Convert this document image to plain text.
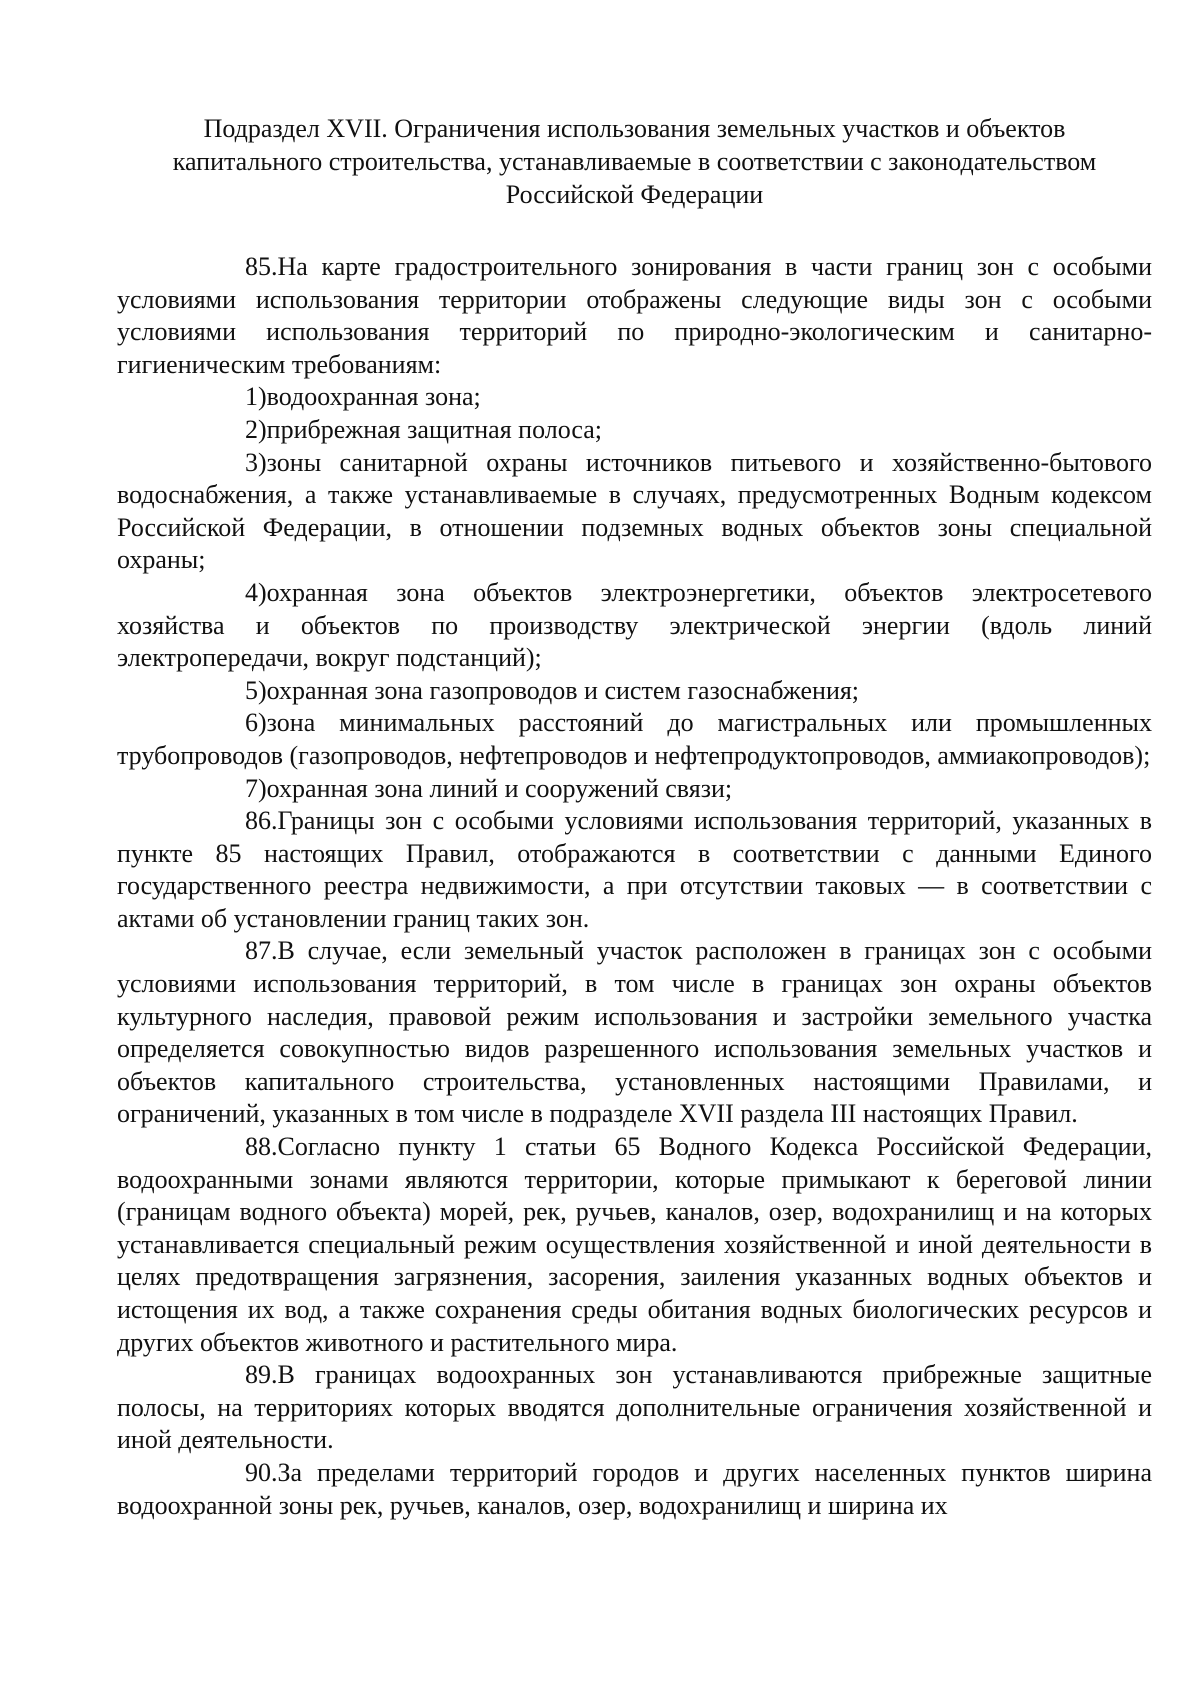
Подраздел XVII. Ограничения использования земельных участков и объектов
капитального строительства, устанавливаемые в соответствии с законодательством
Российской Федерации

85.На карте градостроительного зонирования в части границ зон с особыми условиями использования территории отображены следующие виды зон с особыми условиями использования территорий по природно-экологическим и санитарно-гигиеническим требованиям:

1)водоохранная зона;

2)прибрежная защитная полоса;

3)зоны санитарной охраны источников питьевого и хозяйственно-бытового водоснабжения, а также устанавливаемые в случаях, предусмотренных Водным кодексом Российской Федерации, в отношении подземных водных объектов зоны специальной охраны;

4)охранная зона объектов электроэнергетики, объектов электросетевого хозяйства и объектов по производству электрической энергии (вдоль линий электропередачи, вокруг подстанций);

5)охранная зона газопроводов и систем газоснабжения;

6)зона минимальных расстояний до магистральных или промышленных трубопроводов (газопроводов, нефтепроводов и нефтепродуктопроводов, аммиакопроводов);

7)охранная зона линий и сооружений связи;

86.Границы зон с особыми условиями использования территорий, указанных в пункте 85 настоящих Правил, отображаются в соответствии с данными Единого государственного реестра недвижимости, а при отсутствии таковых — в соответствии с актами об установлении границ таких зон.

87.В случае, если земельный участок расположен в границах зон с особыми условиями использования территорий, в том числе в границах зон охраны объектов культурного наследия, правовой режим использования и застройки земельного участка определяется совокупностью видов разрешенного использования земельных участков и объектов капитального строительства, установленных настоящими Правилами, и ограничений, указанных в том числе в подразделе XVII раздела III настоящих Правил.

88.Согласно пункту 1 статьи 65 Водного Кодекса Российской Федерации, водоохранными зонами являются территории, которые примыкают к береговой линии (границам водного объекта) морей, рек, ручьев, каналов, озер, водохранилищ и на которых устанавливается специальный режим осуществления хозяйственной и иной деятельности в целях предотвращения загрязнения, засорения, заиления указанных водных объектов и истощения их вод, а также сохранения среды обитания водных биологических ресурсов и других объектов животного и растительного мира.

89.В границах водоохранных зон устанавливаются прибрежные защитные полосы, на территориях которых вводятся дополнительные ограничения хозяйственной и иной деятельности.

90.За пределами территорий городов и других населенных пунктов ширина водоохранной зоны рек, ручьев, каналов, озер, водохранилищ и ширина их
